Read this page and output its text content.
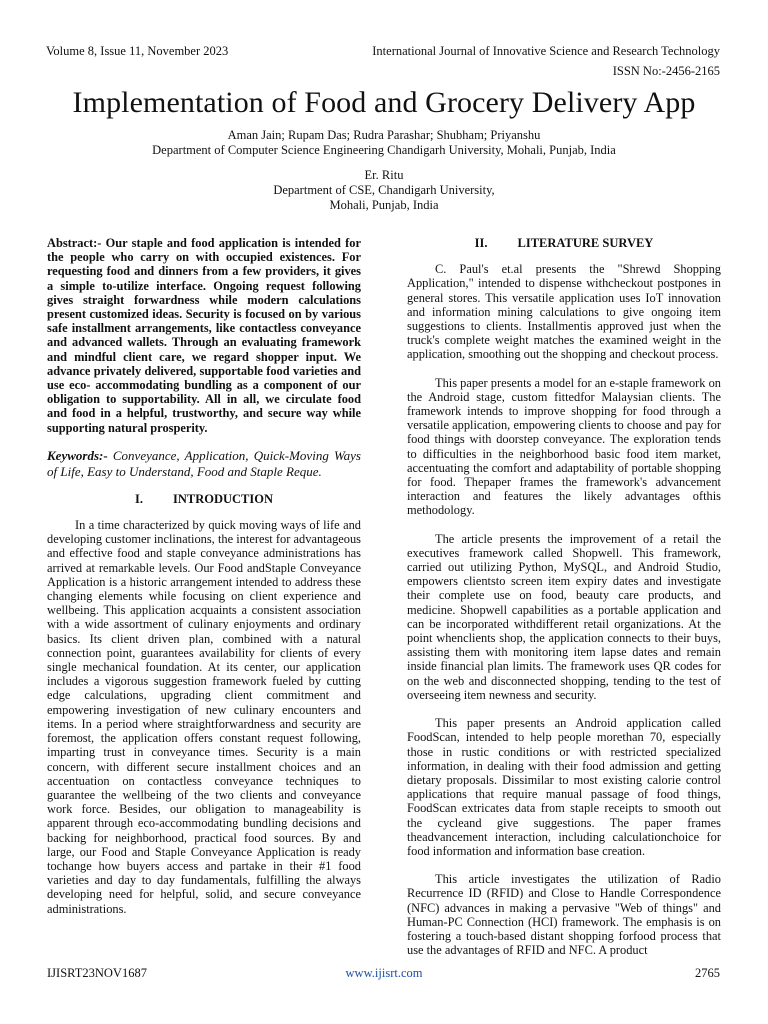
Volume 8, Issue 11, November 2023	International Journal of Innovative Science and Research Technology
ISSN No:-2456-2165
Implementation of Food and Grocery Delivery App
Aman Jain; Rupam Das; Rudra Parashar; Shubham; Priyanshu
Department of Computer Science Engineering Chandigarh University, Mohali, Punjab, India
Er. Ritu
Department of CSE, Chandigarh University,
Mohali, Punjab, India

Abstract:- Our staple and food application is intended for the people who carry on with occupied existences. For requesting food and dinners from a few providers, it gives a simple to-utilize interface. Ongoing request following gives straight forwardness while modern calculations present customized ideas. Security is focused on by various safe installment arrangements, like contactless conveyance and advanced wallets. Through an evaluating framework and mindful client care, we regard shopper input. We advance privately delivered, supportable food varieties and use eco- accommodating bundling as a component of our obligation to supportability. All in all, we circulate food and food in a helpful, trustworthy, and secure way while supporting natural prosperity.

Keywords:- Conveyance, Application, Quick-Moving Ways of Life, Easy to Understand, Food and Staple Reque.

I. INTRODUCTION

In a time characterized by quick moving ways of life and developing customer inclinations, the interest for advantageous and effective food and staple conveyance administrations has arrived at remarkable levels. Our Food andStaple Conveyance Application is a historic arrangement intended to address these changing elements while focusing on client experience and wellbeing. This application acquaints a consistent association with a wide assortment of culinary enjoyments and ordinary basics. Its client driven plan, combined with a natural connection point, guarantees availability for clients of every single mechanical foundation. At its center, our application includes a vigorous suggestion framework fueled by cutting edge calculations, upgrading client commitment and empowering investigation of new culinary encounters and items. In a period where straightforwardness and security are foremost, the application offers constant request following, imparting trust in conveyance times. Security is a main concern, with different secure installment choices and an accentuation on contactless conveyance techniques to guarantee the wellbeing of the two clients and conveyance work force. Besides, our obligation to manageability is apparent through eco-accommodating bundling decisions and backing for neighborhood, practical food sources. By and large, our Food and Staple Conveyance Application is ready tochange how buyers access and partake in their #1 food varieties and day to day fundamentals, fulfilling the always developing need for helpful, solid, and secure conveyance administrations.

II. LITERATURE SURVEY

C. Paul's et.al presents the "Shrewd Shopping Application," intended to dispense withcheckout postpones in general stores. This versatile application uses IoT innovation and information mining calculations to give ongoing item suggestions to clients. Installmentis approved just when the truck's complete weight matches the examined weight in the application, smoothing out the shopping and checkout process.

This paper presents a model for an e-staple framework on the Android stage, custom fittedfor Malaysian clients. The framework intends to improve shopping for food through a versatile application, empowering clients to choose and pay for food things with doorstep conveyance. The exploration tends to difficulties in the neighborhood basic food item market, accentuating the comfort and adaptability of portable shopping for food. Thepaper frames the framework's advancement interaction and features the likely advantages ofthis methodology.

The article presents the improvement of a retail the executives framework called Shopwell. This framework, carried out utilizing Python, MySQL, and Android Studio, empowers clientsto screen item expiry dates and investigate their complete use on food, beauty care products, and medicine. Shopwell capabilities as a portable application and can be incorporated withdifferent retail organizations. At the point whenclients shop, the application connects to their buys, assisting them with monitoring item lapse dates and remain inside financial plan limits. The framework uses QR codes for on the web and disconnected shopping, tending to the test of overseeing item newness and security.

This paper presents an Android application called FoodScan, intended to help people morethan 70, especially those in rustic conditions or with restricted specialized information, in dealing with their food admission and getting dietary proposals. Dissimilar to most existing calorie control applications that require manual passage of food things, FoodScan extricates data from staple receipts to smooth out the cycleand give suggestions. The paper frames theadvancement interaction, including calculationchoice for food information and information base creation.

This article investigates the utilization of Radio Recurrence ID (RFID) and Close to Handle Correspondence (NFC) advances in making a pervasive "Web of things" and Human-PC Connection (HCI) framework. The emphasis is on fostering a touch-based distant shopping forfood process that use the advantages of RFID and NFC. A product

IJISRT23NOV1687	www.ijisrt.com	2765
